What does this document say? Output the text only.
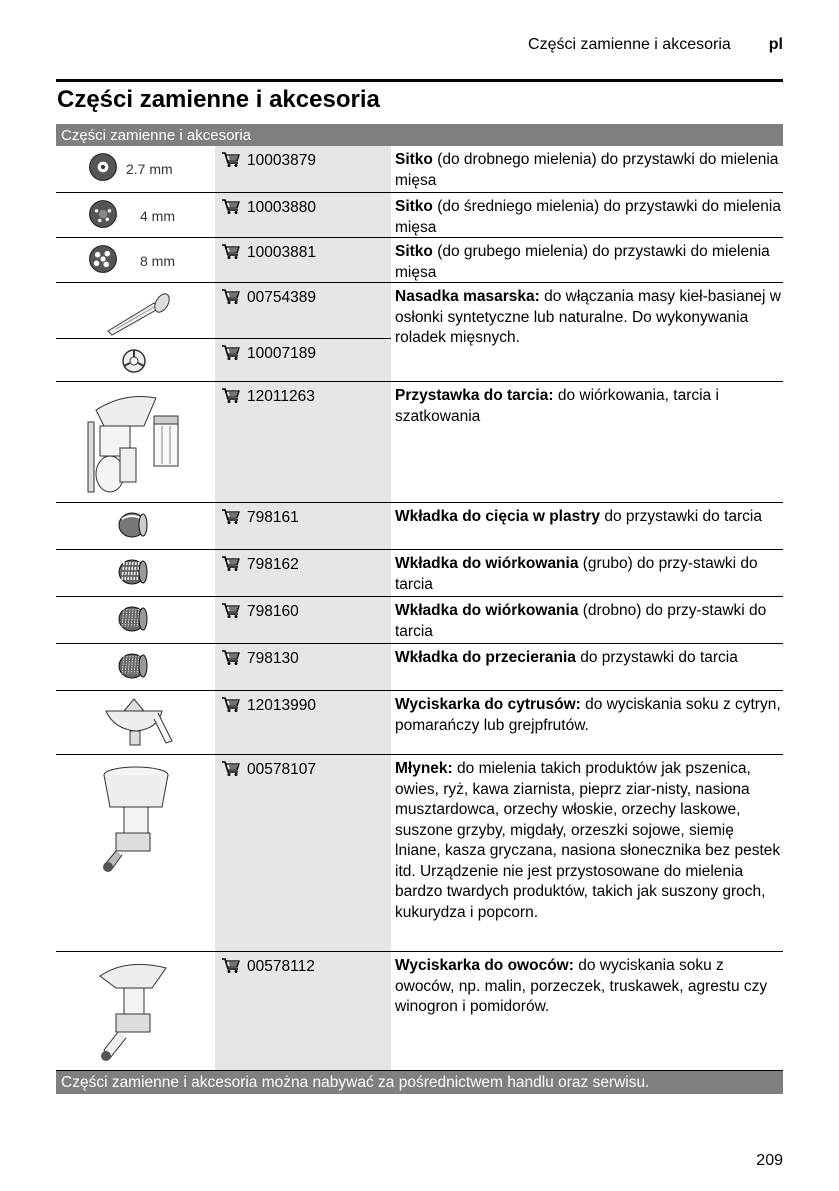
Części zamienne i akcesoria pl
Części zamienne i akcesoria
Części zamienne i akcesoria
2.7 mm	10003879	Sitko (do drobnego mielenia) do przystawki do mielenia mięsa
4 mm	10003880	Sitko (do średniego mielenia) do przystawki do mielenia mięsa
8 mm	10003881	Sitko (do grubego mielenia) do przystawki do mielenia mięsa
00754389	Nasadka masarska: do włączania masy kieł-basianej w osłonki syntetyczne lub naturalne. Do wykonywania roladek mięsnych.
10007189
12011263	Przystawka do tarcia: do wiórkowania, tarcia i szatkowania
798161	Wkładka do cięcia w plastry do przystawki do tarcia
798162	Wkładka do wiórkowania (grubo) do przy-stawki do tarcia
798160	Wkładka do wiórkowania (drobno) do przy-stawki do tarcia
798130	Wkładka do przecierania do przystawki do tarcia
12013990	Wyciskarka do cytrusów: do wyciskania soku z cytryn, pomarańczy lub grejpfrutów.
00578107	Młynek: do mielenia takich produktów jak pszenica, owies, ryż, kawa ziarnista, pieprz ziar-nisty, nasiona musztardowca, orzechy włoskie, orzechy laskowe, suszone grzyby, migdały, orzeszki sojowe, siemię lniane, kasza gryczana, nasiona słonecznika bez pestek itd. Urządzenie nie jest przystosowane do mielenia bardzo twardych produktów, takich jak suszony groch, kukurydza i popcorn.
00578112	Wyciskarka do owoców: do wyciskania soku z owoców, np. malin, porzeczek, truskawek, agrestu czy winogron i pomidorów.
Części zamienne i akcesoria można nabywać za pośrednictwem handlu oraz serwisu.
209
